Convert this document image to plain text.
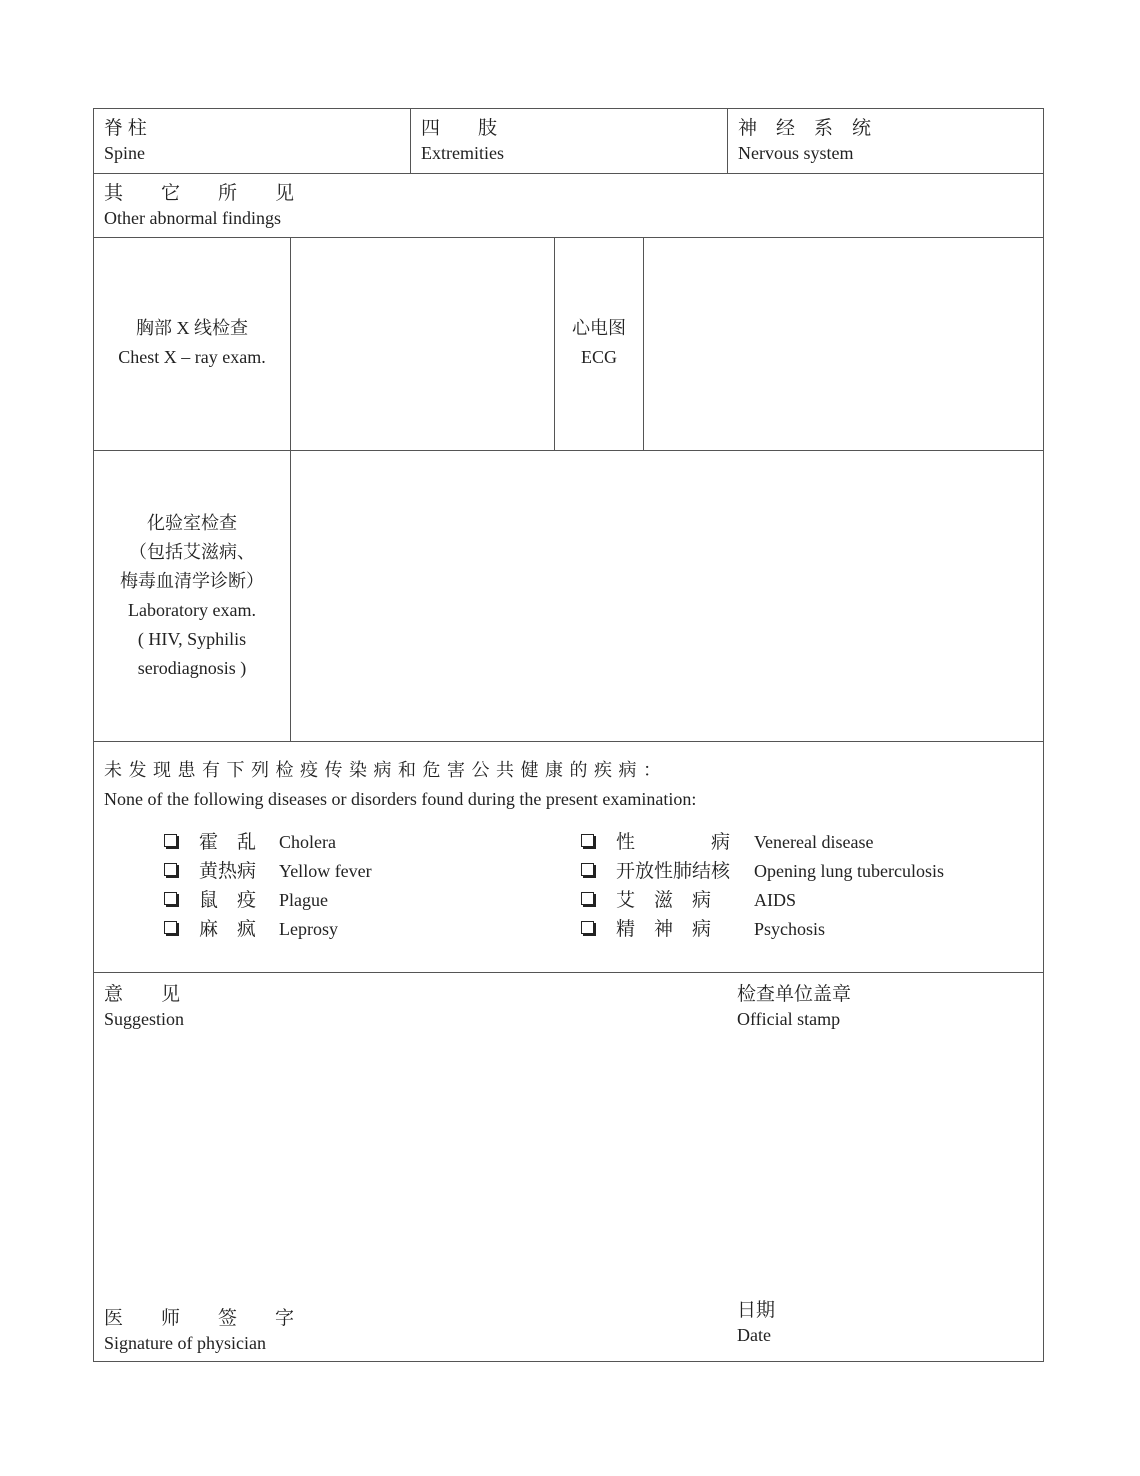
脊 柱
Spine
四　　肢
Extremities
神　经　系　统
Nervous system
其　　它　　所　　见
Other abnormal findings
胸部 X 线检查
Chest X – ray exam.
心电图
ECG
化验室检查
（包括艾滋病、
梅毒血清学诊断）
Laboratory exam.
( HIV, Syphilis
serodiagnosis )
未 发 现 患 有 下 列 检 疫 传 染 病 和 危 害 公 共 健 康 的 疾 病 ：
None of the following diseases or disorders found during the present examination:
霍　乱 Cholera
黄热病 Yellow fever
鼠　疫 Plague
麻　疯 Leprosy
性　　　　病 Venereal disease
开放性肺结核 Opening lung tuberculosis
艾　滋　病 AIDS
精　神　病 Psychosis
意　　见
Suggestion
检查单位盖章
Official stamp
医　　师　　签　　字
Signature of physician
日期
Date
